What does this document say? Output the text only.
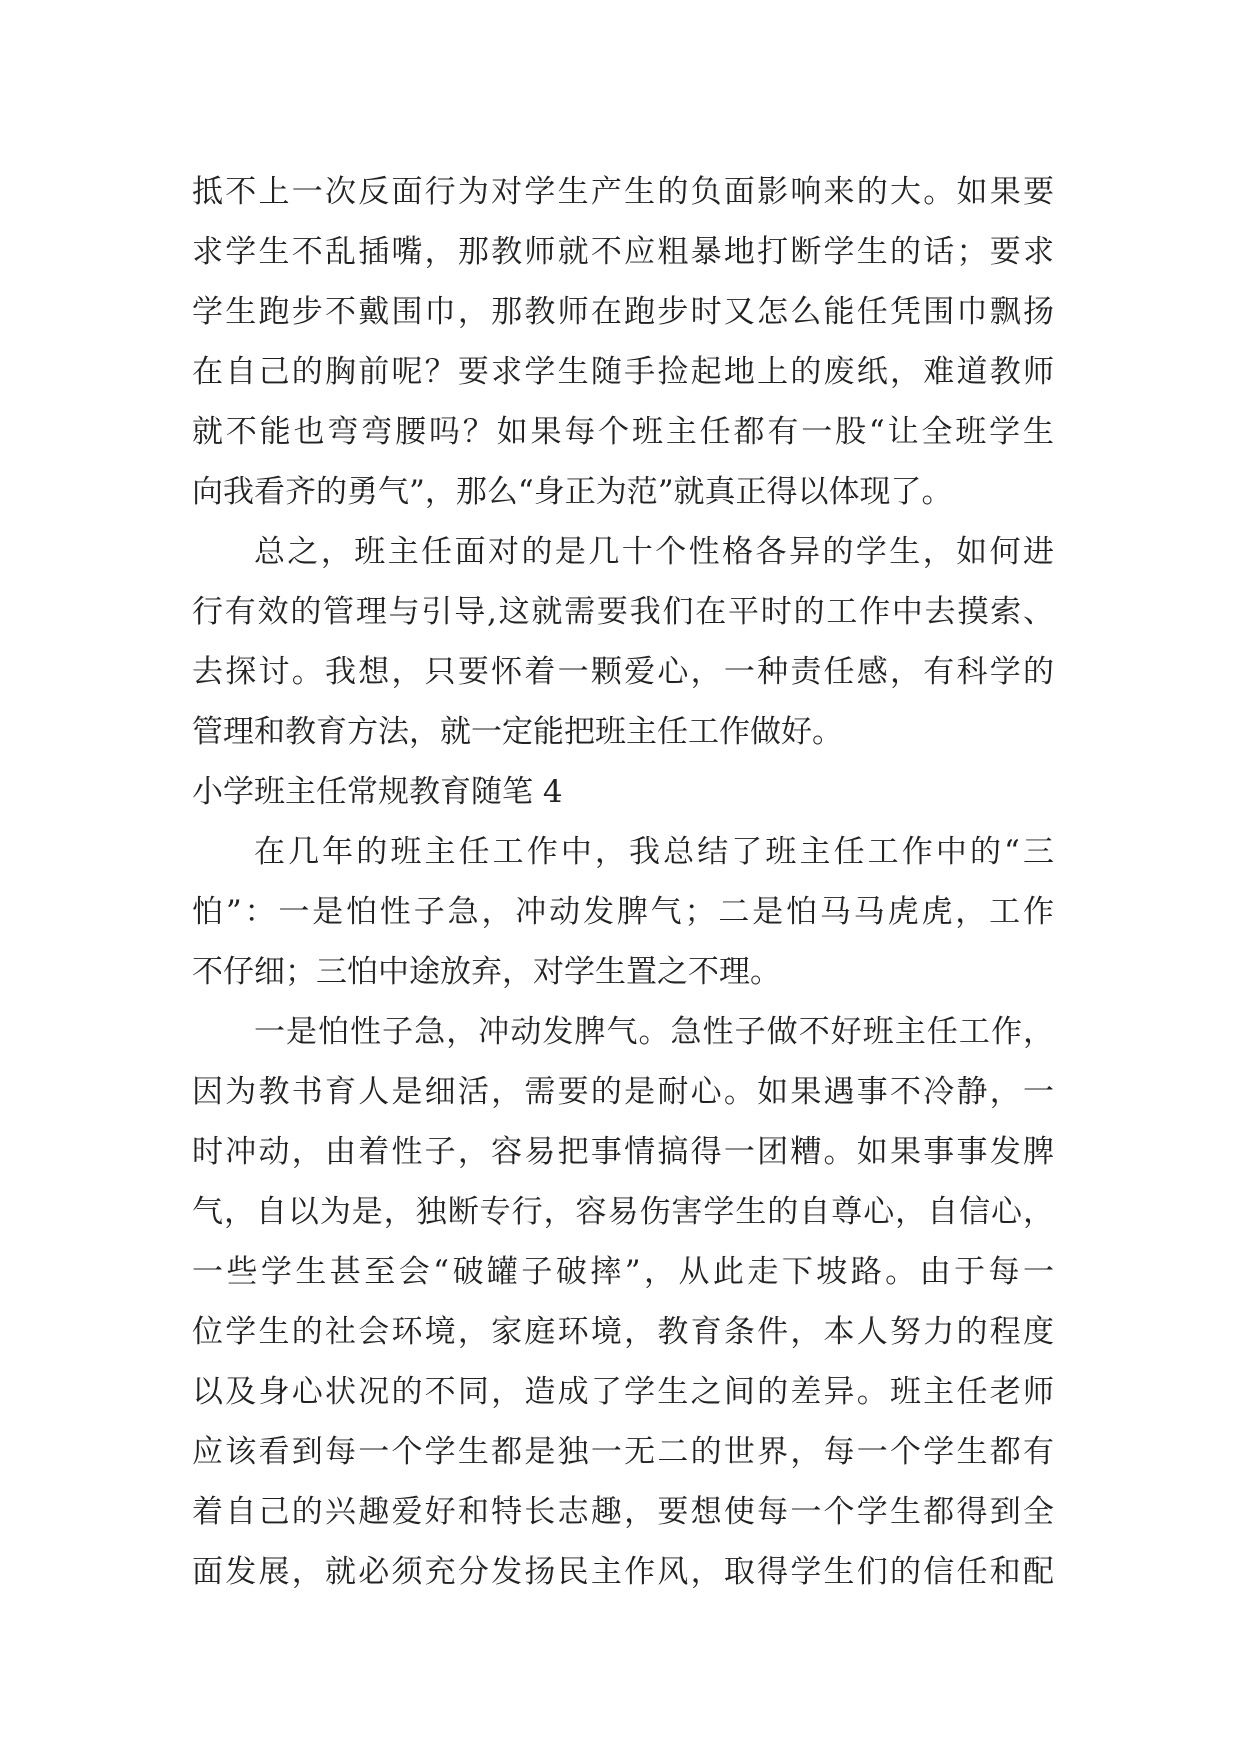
抵不上一次反面行为对学生产生的负面影响来的大。如果要
求学生不乱插嘴，那教师就不应粗暴地打断学生的话；要求
学生跑步不戴围巾，那教师在跑步时又怎么能任凭围巾飘扬
在自己的胸前呢？要求学生随手捡起地上的废纸，难道教师
就不能也弯弯腰吗？如果每个班主任都有一股“让全班学生
向我看齐的勇气”，那么“身正为范”就真正得以体现了。
总之，班主任面对的是几十个性格各异的学生，如何进
行有效的管理与引导,这就需要我们在平时的工作中去摸索、
去探讨。我想，只要怀着一颗爱心，一种责任感，有科学的
管理和教育方法，就一定能把班主任工作做好。
小学班主任常规教育随笔 4
在几年的班主任工作中，我总结了班主任工作中的“三
怕”：一是怕性子急，冲动发脾气；二是怕马马虎虎，工作
不仔细；三怕中途放弃，对学生置之不理。
一是怕性子急，冲动发脾气。急性子做不好班主任工作，
因为教书育人是细活，需要的是耐心。如果遇事不冷静，一
时冲动，由着性子，容易把事情搞得一团糟。如果事事发脾
气，自以为是，独断专行，容易伤害学生的自尊心，自信心，
一些学生甚至会“破罐子破摔”，从此走下坡路。由于每一
位学生的社会环境，家庭环境，教育条件，本人努力的程度
以及身心状况的不同，造成了学生之间的差异。班主任老师
应该看到每一个学生都是独一无二的世界，每一个学生都有
着自己的兴趣爱好和特长志趣，要想使每一个学生都得到全
面发展，就必须充分发扬民主作风，取得学生们的信任和配
